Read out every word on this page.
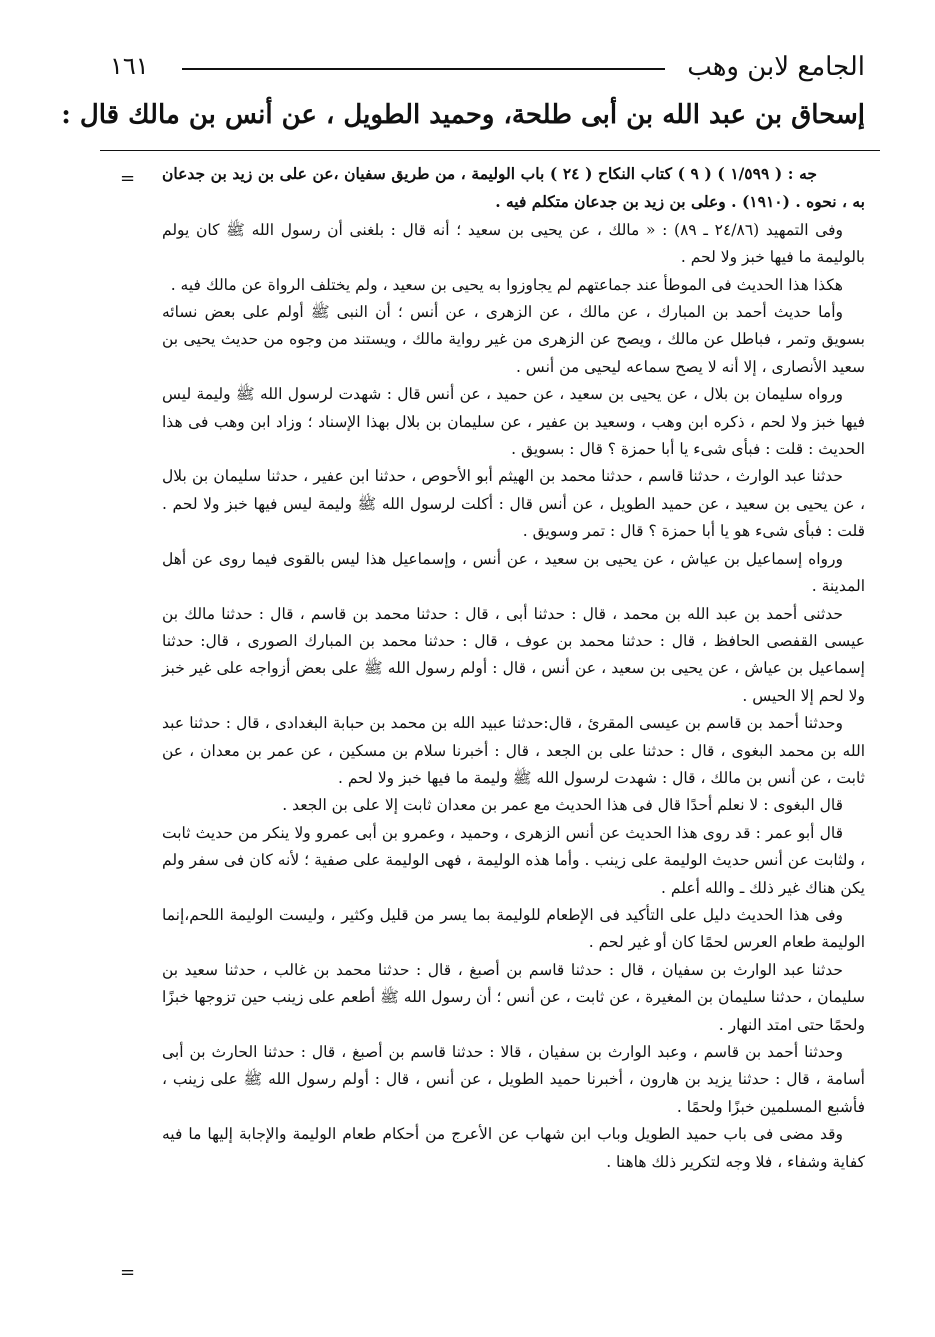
الجامع لابن وهب
١٦١
إسحاق بن عبد الله بن أبى طلحة، وحميد الطويل ، عن أنس بن مالك قال :
= جه : ( ١/٥٩٩ ) ( ٩ ) كتاب النكاح ( ٢٤ ) باب الوليمة ، من طريق سفيان ،عن على بن زيد بن جدعان به ، نحوه . (١٩١٠) . وعلى بن زيد بن جدعان متكلم فيه .

وفى التمهيد (٢٤/٨٦ ـ ٨٩) : « مالك ، عن يحيى بن سعيد ؛ أنه قال : بلغنى أن رسول الله ﷺ كان يولم بالوليمة ما فيها خبز ولا لحم .

هكذا هذا الحديث فى الموطأ عند جماعتهم لم يجاوزوا به يحيى بن سعيد ، ولم يختلف الرواة عن مالك فيه .

وأما حديث أحمد بن المبارك ، عن مالك ، عن الزهرى ، عن أنس ؛ أن النبى ﷺ أولم على بعض نسائه بسويق وتمر ، فباطل عن مالك ، ويصح عن الزهرى من غير رواية مالك ، ويستند من وجوه من حديث يحيى بن سعيد الأنصارى ، إلا أنه لا يصح سماعه ليحيى من أنس .

ورواه سليمان بن بلال ، عن يحيى بن سعيد ، عن حميد ، عن أنس قال : شهدت لرسول الله ﷺ وليمة ليس فيها خبز ولا لحم ، ذكره ابن وهب ، وسعيد بن عفير ، عن سليمان بن بلال بهذا الإسناد ؛ وزاد ابن وهب فى هذا الحديث : قلت : فبأى شىء يا أبا حمزة ؟ قال : بسويق .

حدثنا عبد الوارث ، حدثنا قاسم ، حدثنا محمد بن الهيثم أبو الأحوص ، حدثنا ابن عفير ، حدثنا سليمان بن بلال ، عن يحيى بن سعيد ، عن حميد الطويل ، عن أنس قال : أكلت لرسول الله ﷺ وليمة ليس فيها خبز ولا لحم . قلت : فبأى شىء هو يا أبا حمزة ؟ قال : تمر وسويق .

ورواه إسماعيل بن عياش ، عن يحيى بن سعيد ، عن أنس ، وإسماعيل هذا ليس بالقوى فيما روى عن أهل المدينة .

حدثنى أحمد بن عبد الله بن محمد ، قال : حدثنا أبى ، قال : حدثنا محمد بن قاسم ، قال : حدثنا مالك بن عيسى القفصى الحافظ ، قال : حدثنا محمد بن عوف ، قال : حدثنا محمد بن المبارك الصورى ، قال: حدثنا إسماعيل بن عياش ، عن يحيى بن سعيد ، عن أنس ، قال : أولم رسول الله ﷺ على بعض أزواجه على غير خبز ولا لحم إلا الحيس .

وحدثنا أحمد بن قاسم بن عيسى المقرئ ، قال:حدثنا عبيد الله بن محمد بن حبابة البغدادى ، قال : حدثنا عبد الله بن محمد البغوى ، قال : حدثنا على بن الجعد ، قال : أخبرنا سلام بن مسكين ، عن عمر بن معدان ، عن ثابت ، عن أنس بن مالك ، قال : شهدت لرسول الله ﷺ وليمة ما فيها خبز ولا لحم .

قال البغوى : لا نعلم أحدًا قال فى هذا الحديث مع عمر بن معدان ثابت إلا على بن الجعد .

قال أبو عمر : قد روى هذا الحديث عن أنس الزهرى ، وحميد ، وعمرو بن أبى عمرو ولا ينكر من حديث ثابت ، ولثابت عن أنس حديث الوليمة على زينب . وأما هذه الوليمة ، فهى الوليمة على صفية ؛ لأنه كان فى سفر ولم يكن هناك غير ذلك ـ والله أعلم .

وفى هذا الحديث دليل على التأكيد فى الإطعام للوليمة بما يسر من قليل وكثير ، وليست الوليمة اللحم،إنما الوليمة طعام العرس لحمًا كان أو غير لحم .

حدثنا عبد الوارث بن سفيان ، قال : حدثنا قاسم بن أصبغ ، قال : حدثنا محمد بن غالب ، حدثنا سعيد بن سليمان ، حدثنا سليمان بن المغيرة ، عن ثابت ، عن أنس ؛ أن رسول الله ﷺ أطعم على زينب حين تزوجها خبزًا ولحمًا حتى امتد النهار .

وحدثنا أحمد بن قاسم ، وعبد الوارث بن سفيان ، قالا : حدثنا قاسم بن أصبغ ، قال : حدثنا الحارث بن أبى أسامة ، قال : حدثنا يزيد بن هارون ، أخبرنا حميد الطويل ، عن أنس ، قال : أولم رسول الله ﷺ على زينب ، فأشبع المسلمين خبزًا ولحمًا .

وقد مضى فى باب حميد الطويل وباب ابن شهاب عن الأعرج من أحكام طعام الوليمة والإجابة إليها ما فيه كفاية وشفاء ، فلا وجه لتكرير ذلك هاهنا .

=
